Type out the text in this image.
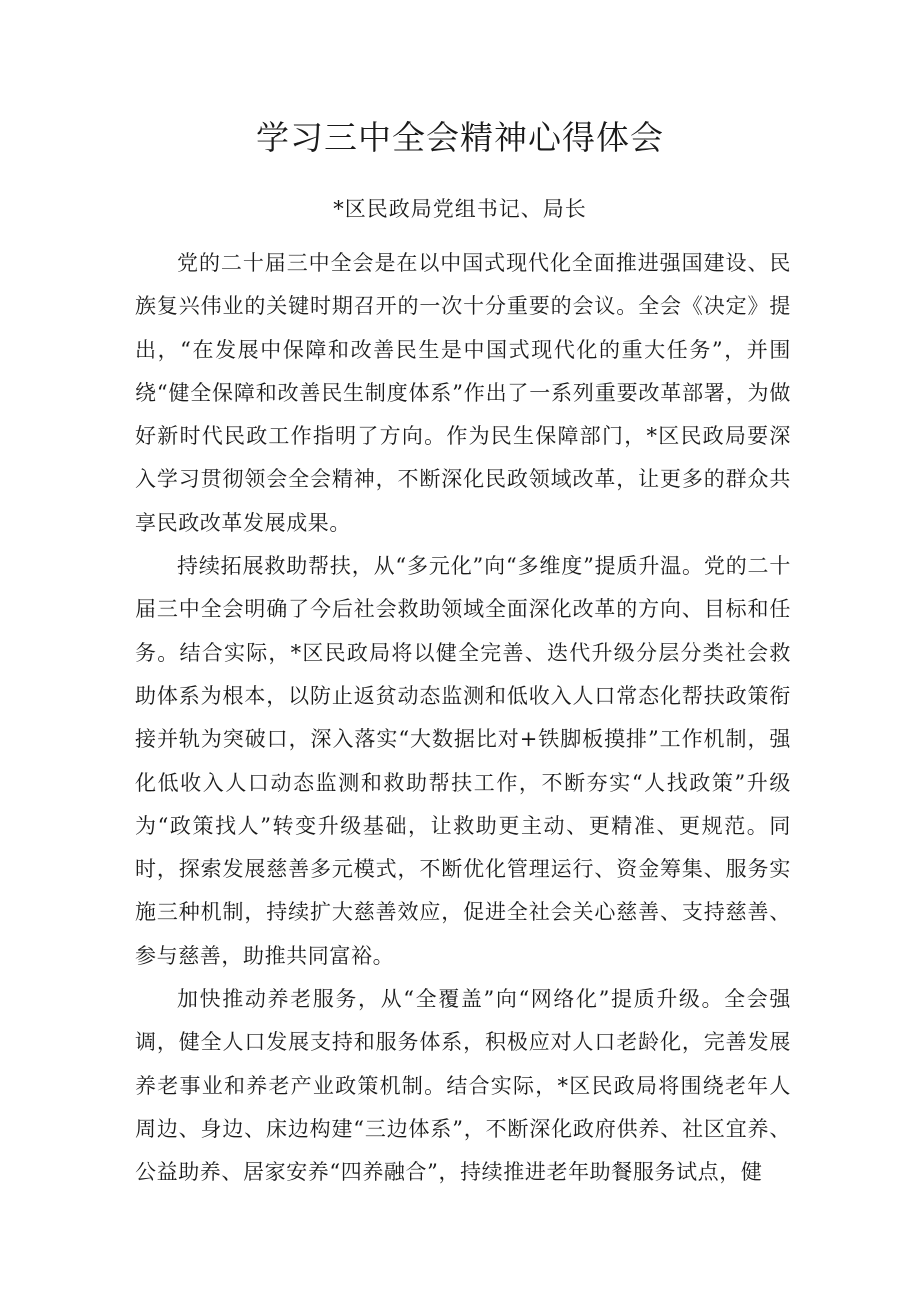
学习三中全会精神心得体会
*区民政局党组书记、局长

党的二十届三中全会是在以中国式现代化全面推进强国建设、民族复兴伟业的关键时期召开的一次十分重要的会议。全会《决定》提出，“在发展中保障和改善民生是中国式现代化的重大任务”，并围绕“健全保障和改善民生制度体系”作出了一系列重要改革部署，为做好新时代民政工作指明了方向。作为民生保障部门，*区民政局要深入学习贯彻领会全会精神，不断深化民政领域改革，让更多的群众共享民政改革发展成果。

持续拓展救助帮扶，从“多元化”向“多维度”提质升温。党的二十届三中全会明确了今后社会救助领域全面深化改革的方向、目标和任务。结合实际，*区民政局将以健全完善、迭代升级分层分类社会救助体系为根本，以防止返贫动态监测和低收入人口常态化帮扶政策衔接并轨为突破口，深入落实“大数据比对+铁脚板摸排”工作机制，强化低收入人口动态监测和救助帮扶工作，不断夯实“人找政策”升级为“政策找人”转变升级基础，让救助更主动、更精准、更规范。同时，探索发展慈善多元模式，不断优化管理运行、资金筹集、服务实施三种机制，持续扩大慈善效应，促进全社会关心慈善、支持慈善、参与慈善，助推共同富裕。

加快推动养老服务，从“全覆盖”向“网络化”提质升级。全会强调，健全人口发展支持和服务体系，积极应对人口老龄化，完善发展养老事业和养老产业政策机制。结合实际，*区民政局将围绕老年人周边、身边、床边构建“三边体系”，不断深化政府供养、社区宜养、公益助养、居家安养“四养融合”，持续推进老年助餐服务试点，健
